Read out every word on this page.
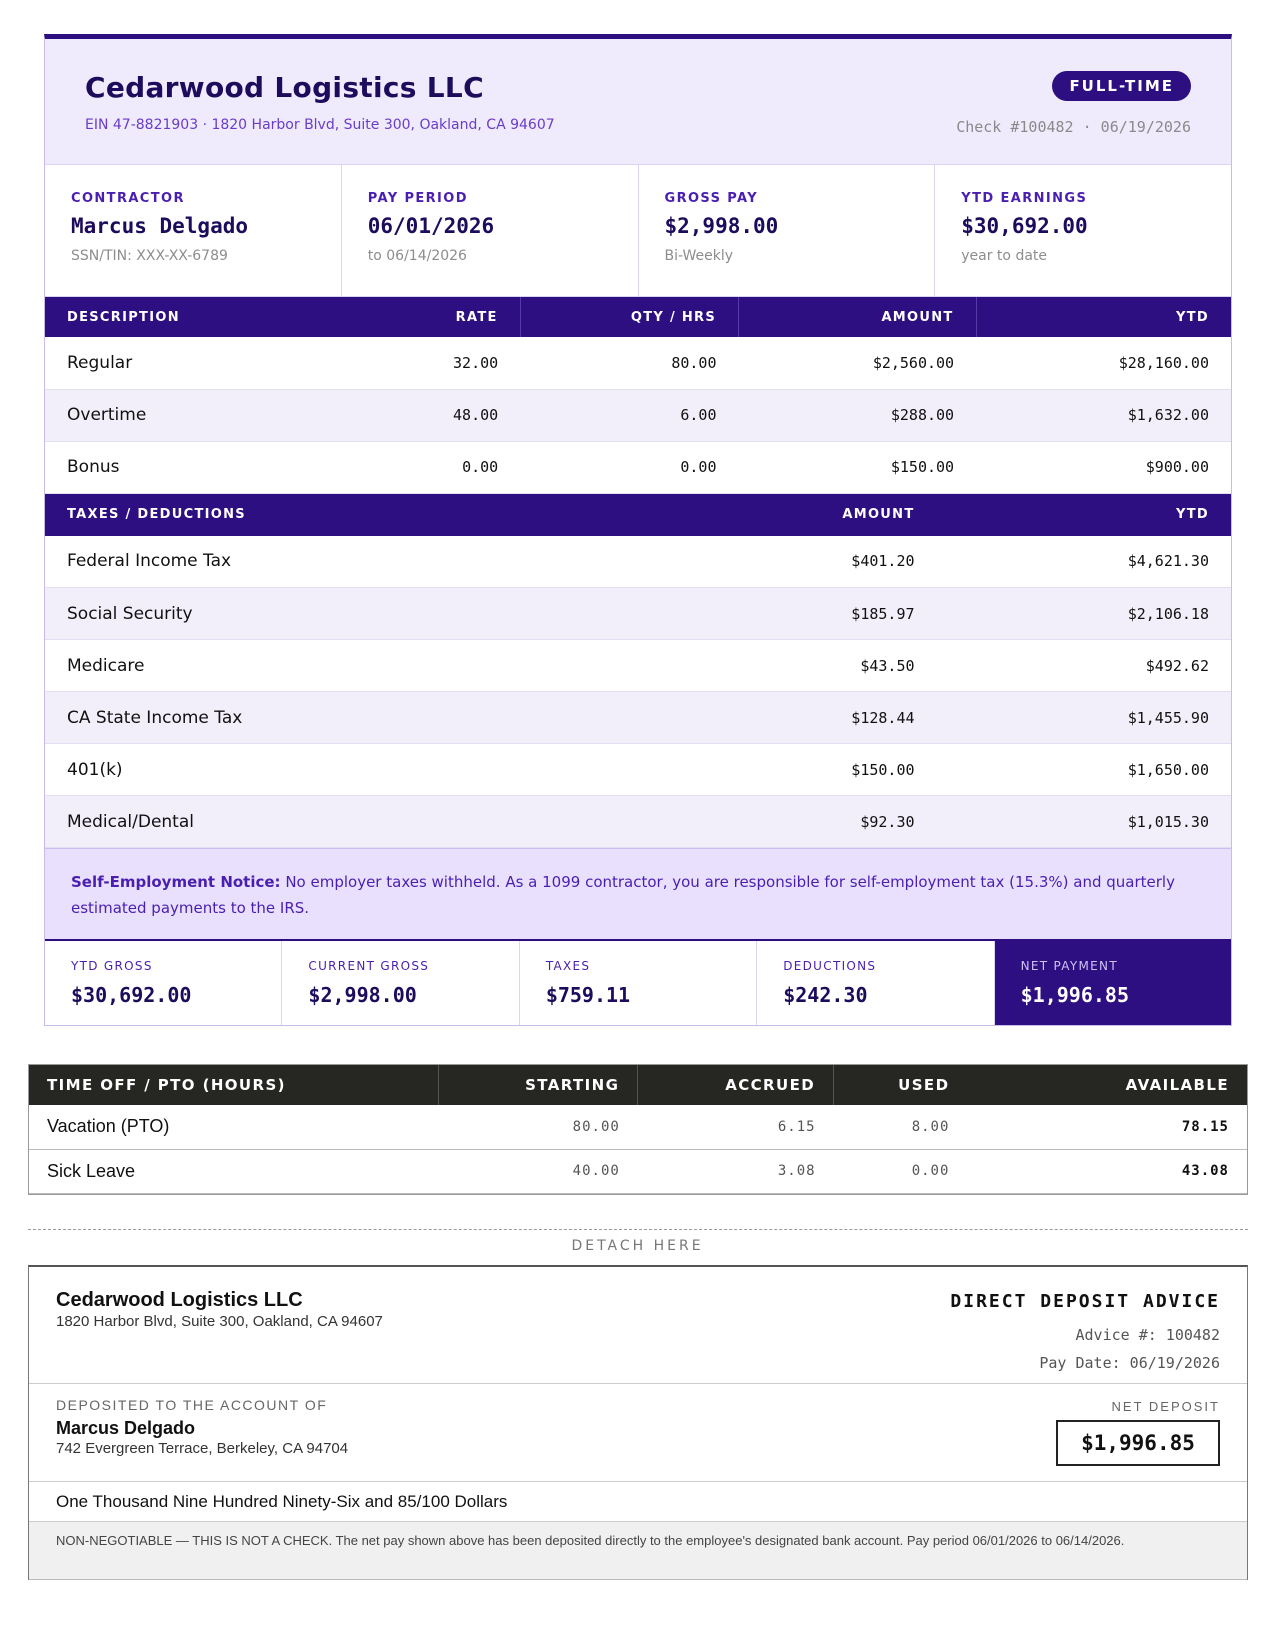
Cedarwood Logistics LLC
EIN 47-8821903 · 1820 Harbor Blvd, Suite 300, Oakland, CA 94607
FULL-TIME
Check #100482 · 06/19/2026
CONTRACTOR
Marcus Delgado
SSN/TIN: XXX-XX-6789
PAY PERIOD
06/01/2026
to 06/14/2026
GROSS PAY
$2,998.00
Bi-Weekly
YTD EARNINGS
$30,692.00
year to date
DESCRIPTION	RATE	QTY / HRS	AMOUNT	YTD
Regular	32.00	80.00	$2,560.00	$28,160.00
Overtime	48.00	6.00	$288.00	$1,632.00
Bonus	0.00	0.00	$150.00	$900.00
TAXES / DEDUCTIONS	AMOUNT	YTD
Federal Income Tax	$401.20	$4,621.30
Social Security	$185.97	$2,106.18
Medicare	$43.50	$492.62
CA State Income Tax	$128.44	$1,455.90
401(k)	$150.00	$1,650.00
Medical/Dental	$92.30	$1,015.30
Self-Employment Notice: No employer taxes withheld. As a 1099 contractor, you are responsible for self-employment tax (15.3%) and quarterly estimated payments to the IRS.
YTD GROSS
$30,692.00
CURRENT GROSS
$2,998.00
TAXES
$759.11
DEDUCTIONS
$242.30
NET PAYMENT
$1,996.85
TIME OFF / PTO (HOURS)	STARTING	ACCRUED	USED	AVAILABLE
Vacation (PTO)	80.00	6.15	8.00	78.15
Sick Leave	40.00	3.08	0.00	43.08
DETACH HERE
Cedarwood Logistics LLC
1820 Harbor Blvd, Suite 300, Oakland, CA 94607
DIRECT DEPOSIT ADVICE
Advice #: 100482
Pay Date: 06/19/2026
DEPOSITED TO THE ACCOUNT OF
Marcus Delgado
742 Evergreen Terrace, Berkeley, CA 94704
NET DEPOSIT
$1,996.85
One Thousand Nine Hundred Ninety-Six and 85/100 Dollars
NON-NEGOTIABLE — THIS IS NOT A CHECK. The net pay shown above has been deposited directly to the employee's designated bank account. Pay period 06/01/2026 to 06/14/2026.
